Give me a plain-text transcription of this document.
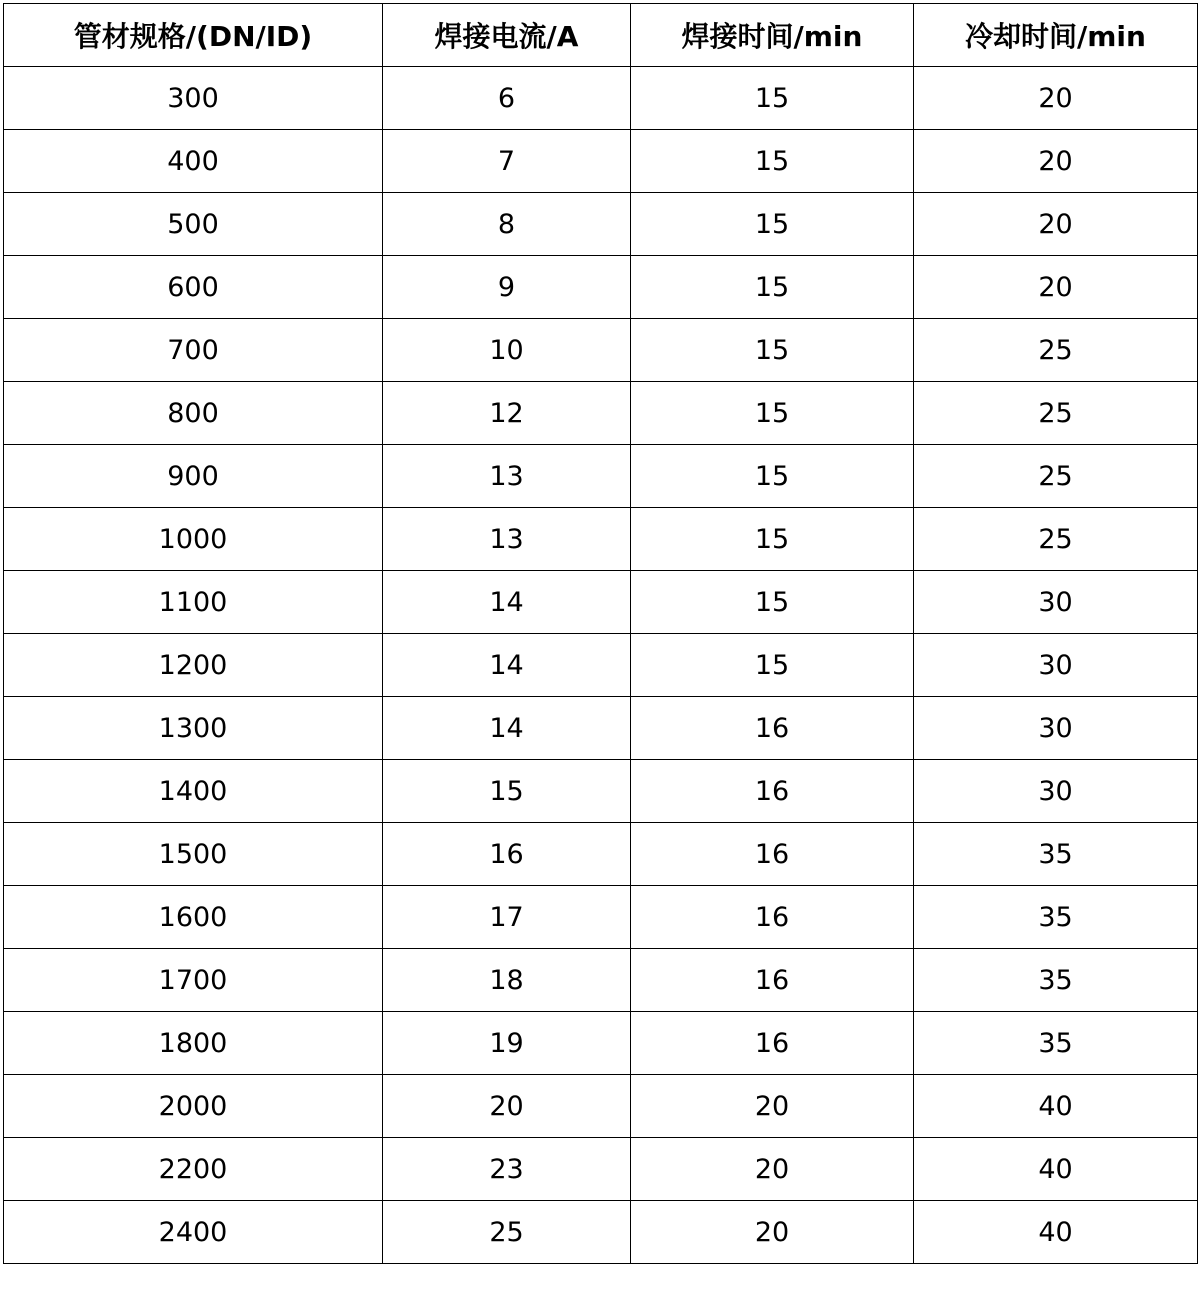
管材规格/(DN/ID)	焊接电流/A	焊接时间/min	冷却时间/min
300	6	15	20
400	7	15	20
500	8	15	20
600	9	15	20
700	10	15	25
800	12	15	25
900	13	15	25
1000	13	15	25
1100	14	15	30
1200	14	15	30
1300	14	16	30
1400	15	16	30
1500	16	16	35
1600	17	16	35
1700	18	16	35
1800	19	16	35
2000	20	20	40
2200	23	20	40
2400	25	20	40
